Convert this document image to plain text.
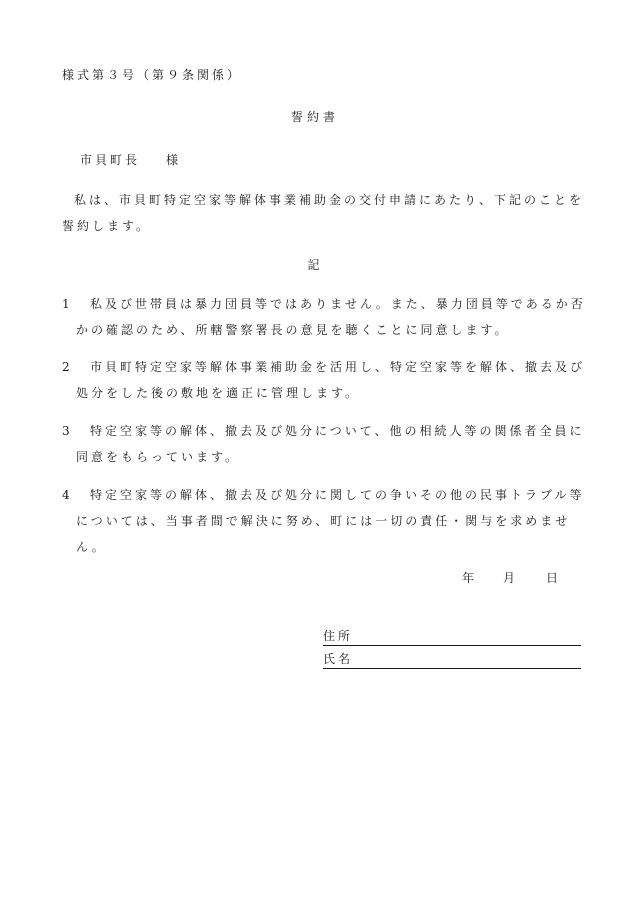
様式第３号（第９条関係）
誓約書
市貝町長 様
私は、市貝町特定空家等解体事業補助金の交付申請にあたり、下記のことを誓約します。
記
1	私及び世帯員は暴力団員等ではありません。また、暴力団員等であるか否かの確認のため、所轄警察署長の意見を聴くことに同意します。
2	市貝町特定空家等解体事業補助金を活用し、特定空家等を解体、撤去及び処分をした後の敷地を適正に管理します。
3	特定空家等の解体、撤去及び処分について、他の相続人等の関係者全員に同意をもらっています。
4	特定空家等の解体、撤去及び処分に関しての争いその他の民事トラブル等については、当事者間で解決に努め、町には一切の責任・関与を求めません。
年 月 日
住所
氏名
